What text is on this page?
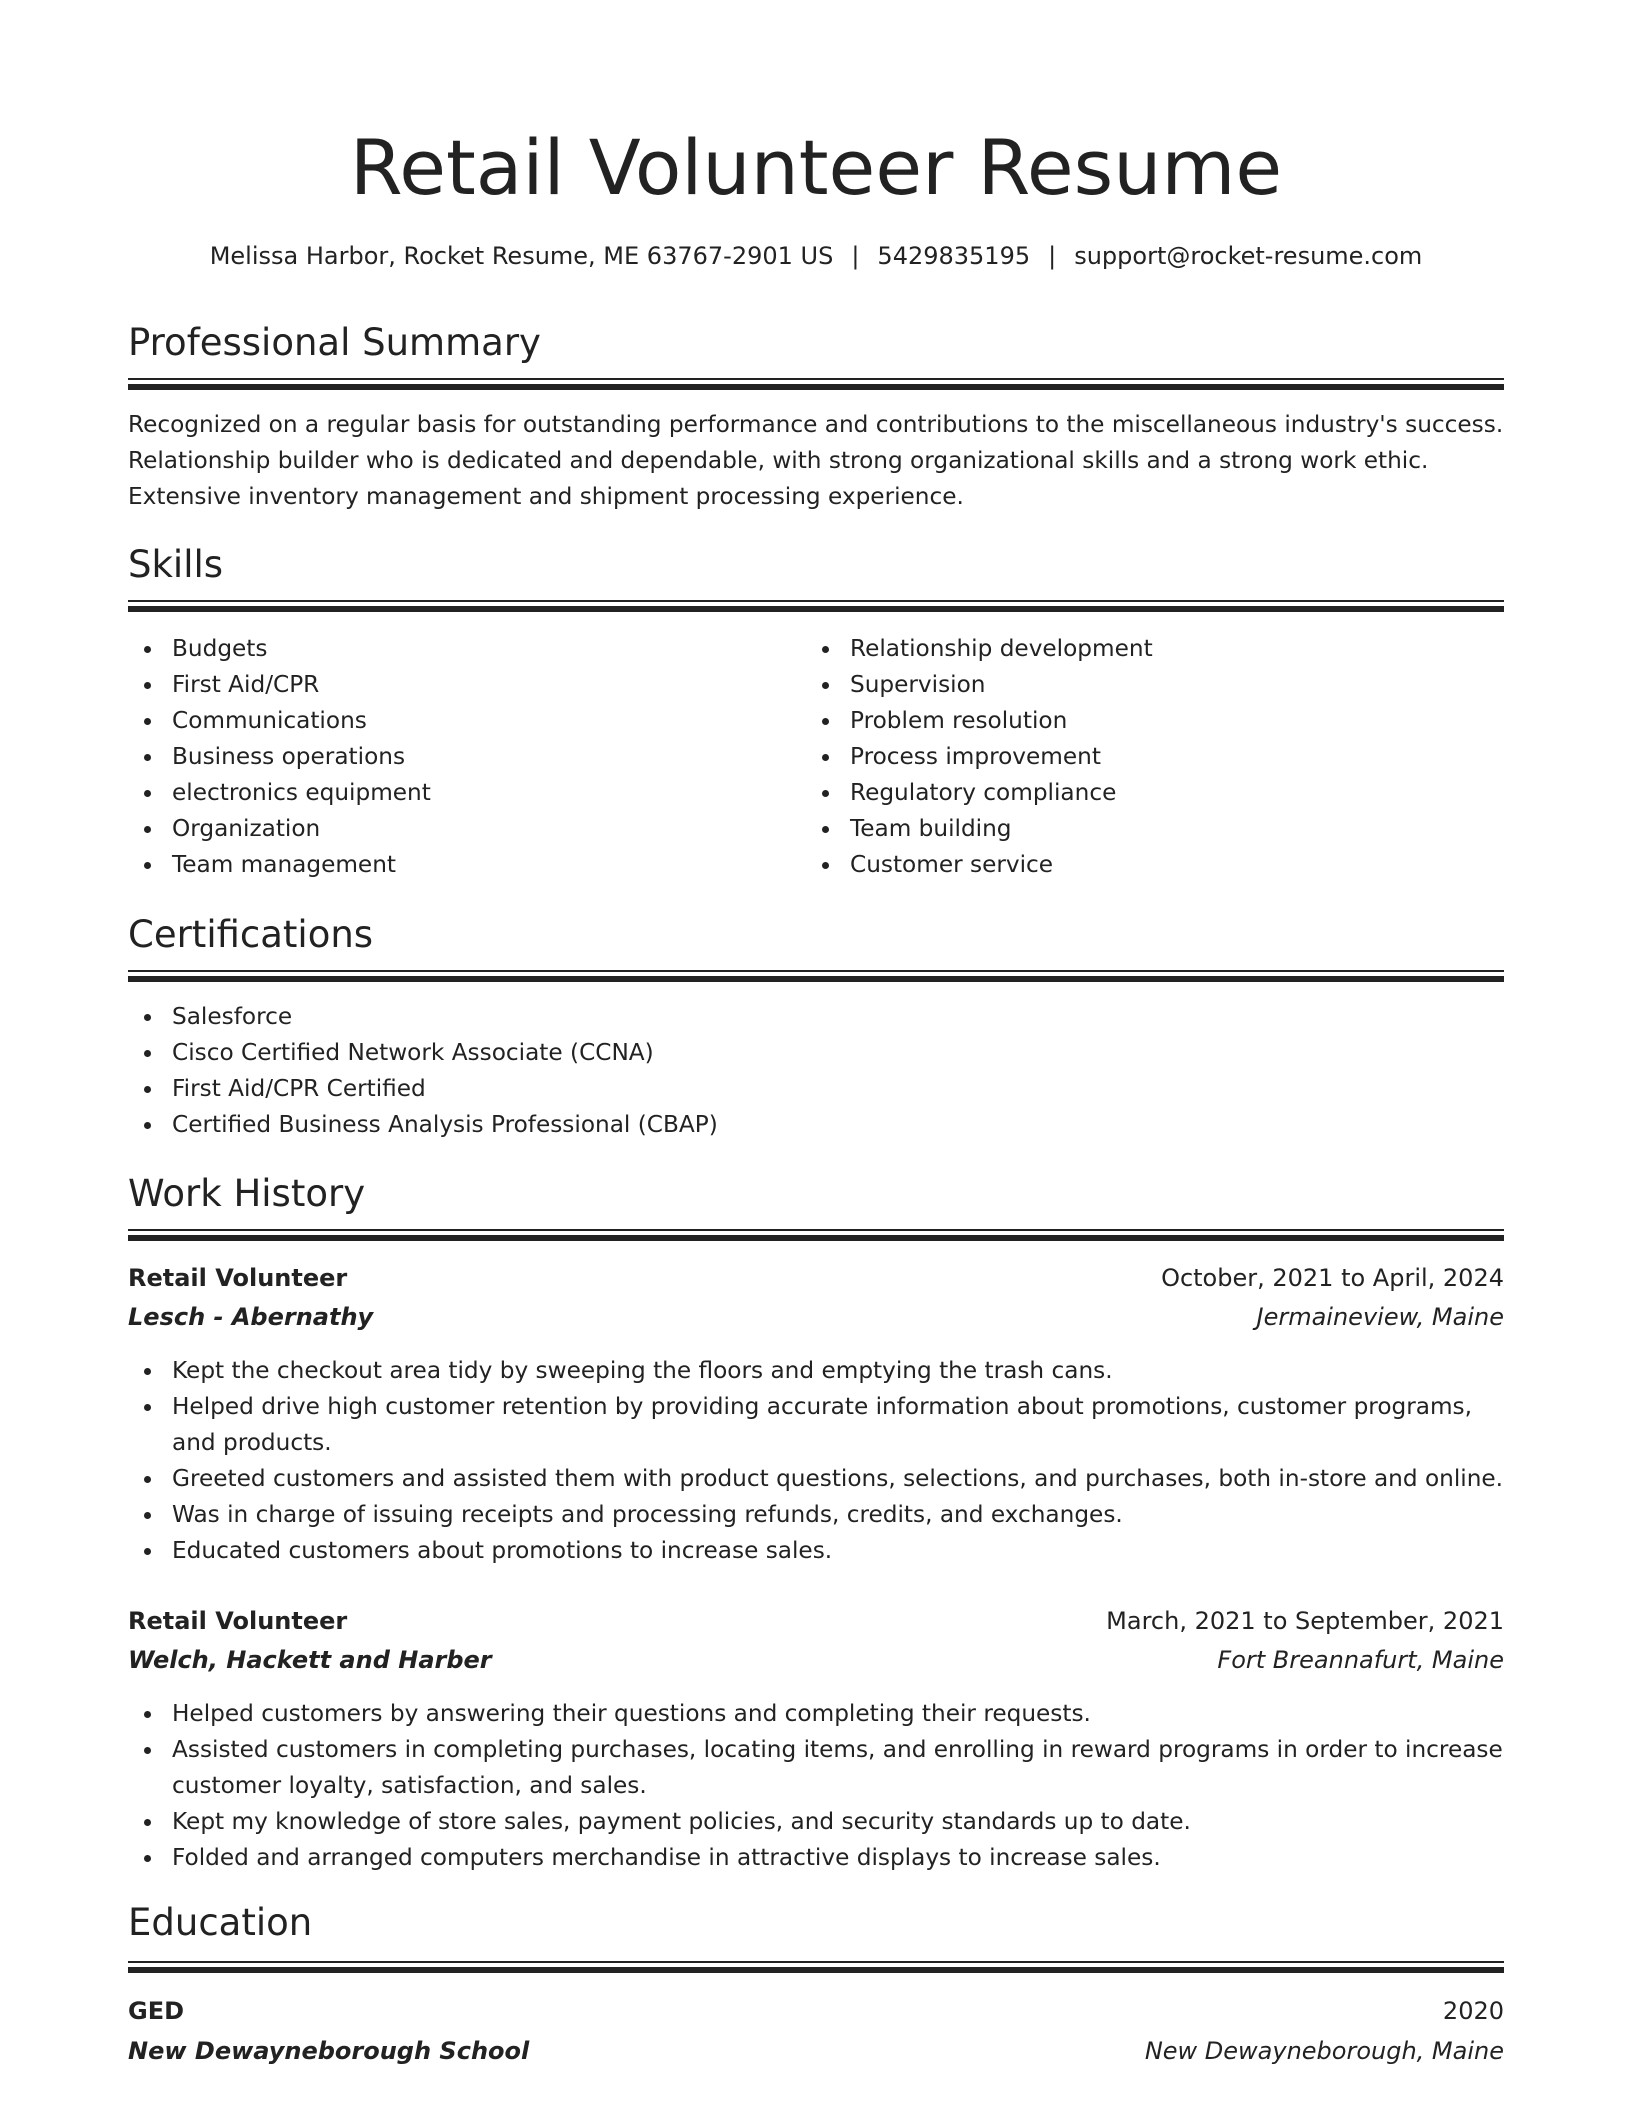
Retail Volunteer Resume
Melissa Harbor, Rocket Resume, ME 63767-2901 US | 5429835195 | support@rocket-resume.com
Professional Summary
Recognized on a regular basis for outstanding performance and contributions to the miscellaneous industry's success.
Relationship builder who is dedicated and dependable, with strong organizational skills and a strong work ethic.
Extensive inventory management and shipment processing experience.
Skills
Budgets
First Aid/CPR
Communications
Business operations
electronics equipment
Organization
Team management
Relationship development
Supervision
Problem resolution
Process improvement
Regulatory compliance
Team building
Customer service
Certifications
Salesforce
Cisco Certified Network Associate (CCNA)
First Aid/CPR Certified
Certified Business Analysis Professional (CBAP)
Work History
Retail Volunteer	October, 2021 to April, 2024
Lesch - Abernathy	Jermaineview, Maine
Kept the checkout area tidy by sweeping the floors and emptying the trash cans.
Helped drive high customer retention by providing accurate information about promotions, customer programs,
and products.
Greeted customers and assisted them with product questions, selections, and purchases, both in-store and online.
Was in charge of issuing receipts and processing refunds, credits, and exchanges.
Educated customers about promotions to increase sales.
Retail Volunteer	March, 2021 to September, 2021
Welch, Hackett and Harber	Fort Breannafurt, Maine
Helped customers by answering their questions and completing their requests.
Assisted customers in completing purchases, locating items, and enrolling in reward programs in order to increase
customer loyalty, satisfaction, and sales.
Kept my knowledge of store sales, payment policies, and security standards up to date.
Folded and arranged computers merchandise in attractive displays to increase sales.
Education
GED	2020
New Dewayneborough School	New Dewayneborough, Maine
